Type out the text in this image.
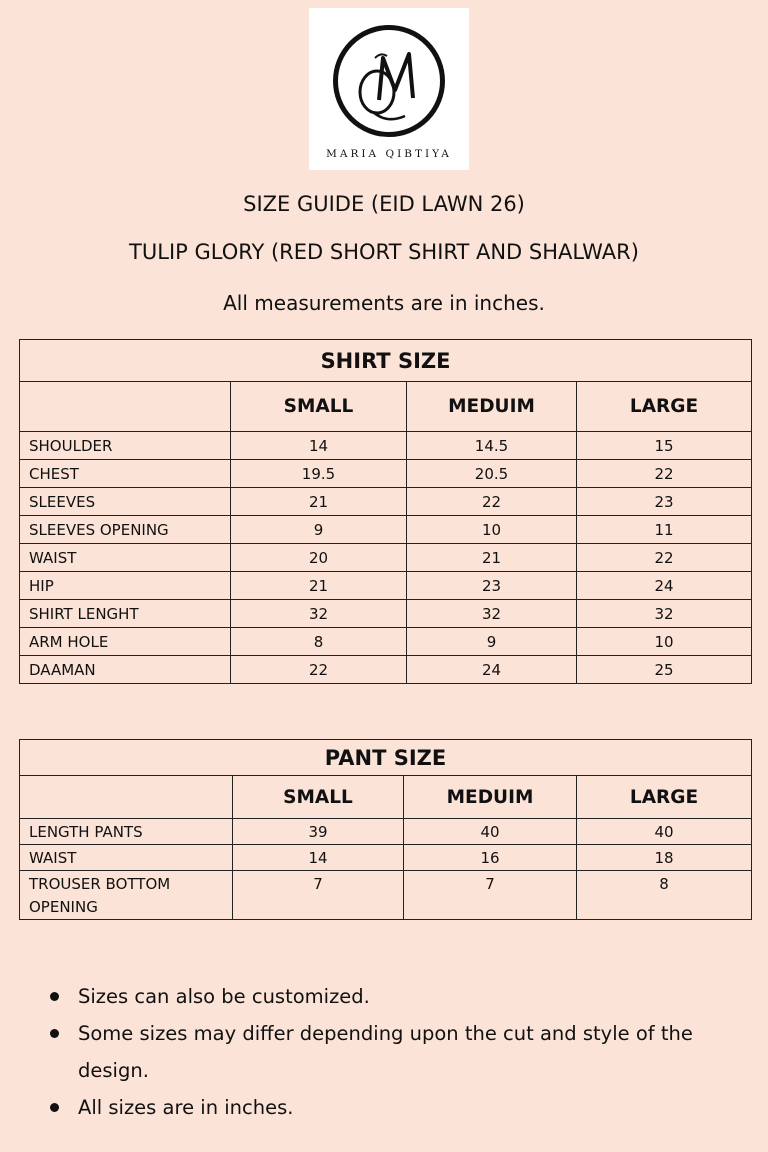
MARIA QIBTIYA
SIZE GUIDE (EID LAWN 26)
TULIP GLORY (RED SHORT SHIRT AND SHALWAR)
All measurements are in inches.
SHIRT SIZE			
	SMALL	MEDUIM	LARGE
SHOULDER	14	14.5	15
CHEST	19.5	20.5	22
SLEEVES	21	22	23
SLEEVES OPENING	9	10	11
WAIST	20	21	22
HIP	21	23	24
SHIRT LENGHT	32	32	32
ARM HOLE	8	9	10
DAAMAN	22	24	25
PANT SIZE			
	SMALL	MEDUIM	LARGE
LENGTH PANTS	39	40	40
WAIST	14	16	18
TROUSER BOTTOM OPENING	7	7	8
Sizes can also be customized.
Some sizes may differ depending upon the cut and style of the design.
All sizes are in inches.
